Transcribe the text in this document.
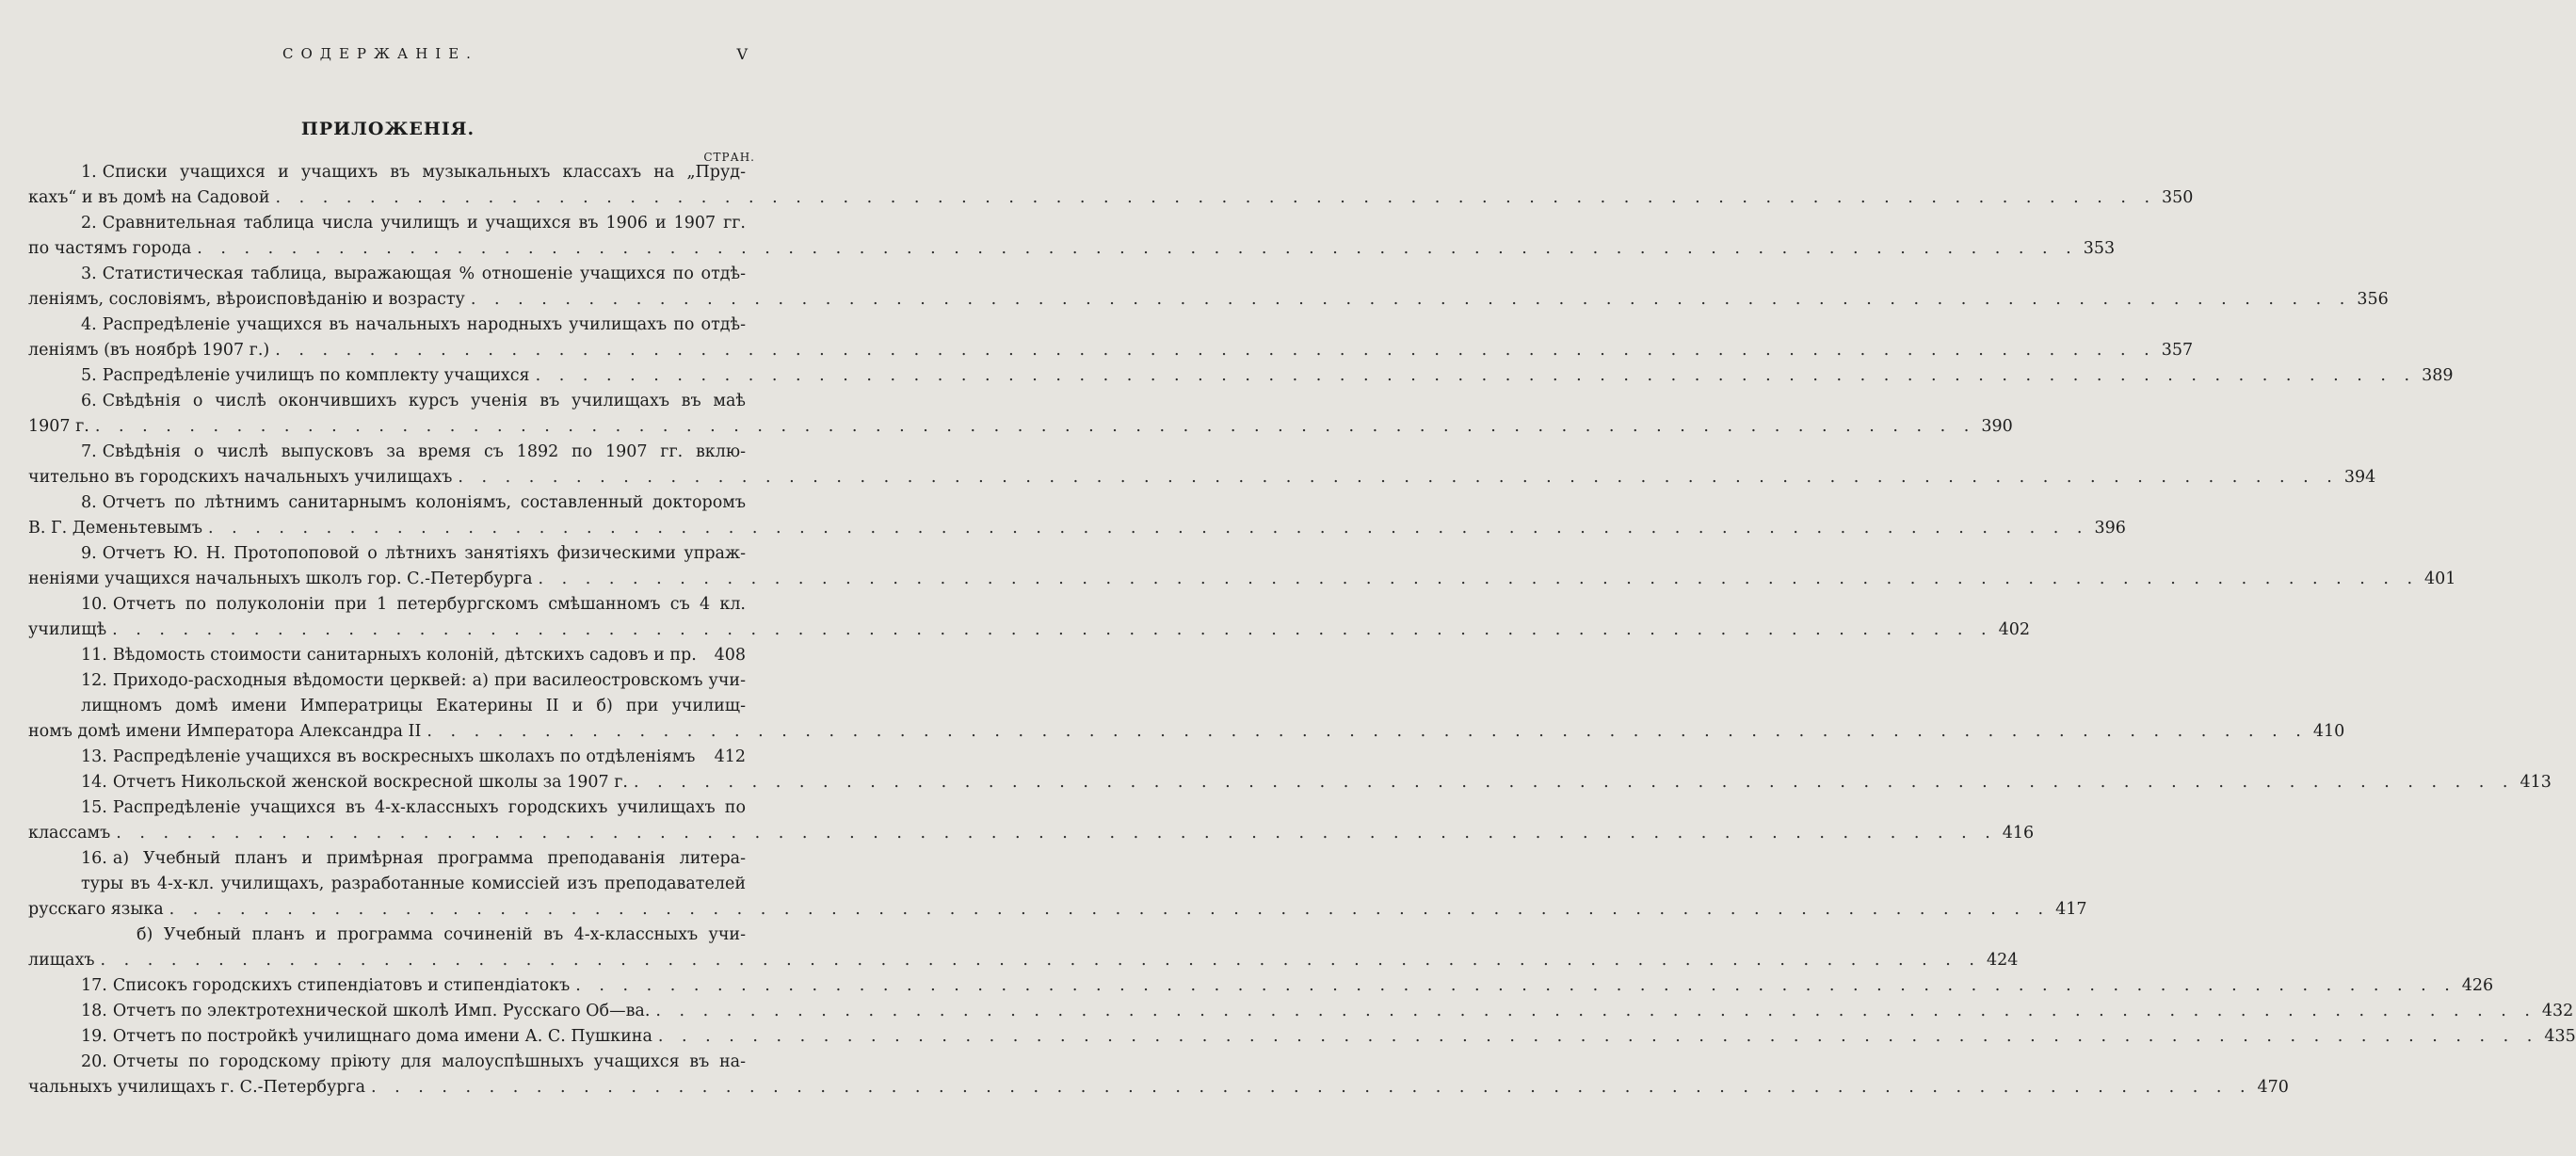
СОДЕРЖАНІЕ.	V
ПРИЛОЖЕНІЯ.
СТРАН.
1. Списки учащихся и учащихъ въ музыкальныхъ классахъ на „Пруд-
кахъ“ и въ домѣ на Садовой . . . . . . . . . . . . . . . . . . . . . . . . . . . . . . . . . . . . . . . . . . . . . . . . . . . . . . . . . . . . . . . . . . . . . . . . . . . . . . . . 350
2. Сравнительная таблица числа училищъ и учащихся въ 1906 и 1907 гг.
по частямъ города . . . . . . . . . . . . . . . . . . . . . . . . . . . . . . . . . . . . . . . . . . . . . . . . . . . . . . . . . . . . . . . . . . . . . . . . . . . . . . . . 353
3. Статистическая таблица, выражающая % отношеніе учащихся по отдѣ-
леніямъ, сословіямъ, вѣроисповѣданію и возрасту . . . . . . . . . . . . . . . . . . . . . . . . . . . . . . . . . . . . . . . . . . . . . . . . . . . . . . . . . . . . . . . . . . . . . . . . . . . . . . . . 356
4. Распредѣленіе учащихся въ начальныхъ народныхъ училищахъ по отдѣ-
леніямъ (въ ноябрѣ 1907 г.) . . . . . . . . . . . . . . . . . . . . . . . . . . . . . . . . . . . . . . . . . . . . . . . . . . . . . . . . . . . . . . . . . . . . . . . . . . . . . . . . 357
5. Распредѣленіе училищъ по комплекту учащихся . . . . . . . . . . . . . . . . . . . . . . . . . . . . . . . . . . . . . . . . . . . . . . . . . . . . . . . . . . . . . . . . . . . . . . . . . . . . . . . . 389
6. Свѣдѣнія о числѣ окончившихъ курсъ ученія въ училищахъ въ маѣ
1907 г. . . . . . . . . . . . . . . . . . . . . . . . . . . . . . . . . . . . . . . . . . . . . . . . . . . . . . . . . . . . . . . . . . . . . . . . . . . . . . . . . 390
7. Свѣдѣнія о числѣ выпусковъ за время съ 1892 по 1907 гг. вклю-
чительно въ городскихъ начальныхъ училищахъ . . . . . . . . . . . . . . . . . . . . . . . . . . . . . . . . . . . . . . . . . . . . . . . . . . . . . . . . . . . . . . . . . . . . . . . . . . . . . . . . 394
8. Отчетъ по лѣтнимъ санитарнымъ колоніямъ, составленный докторомъ
В. Г. Деменьтевымъ . . . . . . . . . . . . . . . . . . . . . . . . . . . . . . . . . . . . . . . . . . . . . . . . . . . . . . . . . . . . . . . . . . . . . . . . . . . . . . . . 396
9. Отчетъ Ю. Н. Протопоповой о лѣтнихъ занятіяхъ физическими упраж-
неніями учащихся начальныхъ школъ гор. С.-Петербурга . . . . . . . . . . . . . . . . . . . . . . . . . . . . . . . . . . . . . . . . . . . . . . . . . . . . . . . . . . . . . . . . . . . . . . . . . . . . . . . . 401
10. Отчетъ по полуколоніи при 1 петербургскомъ смѣшанномъ съ 4 кл.
училищѣ . . . . . . . . . . . . . . . . . . . . . . . . . . . . . . . . . . . . . . . . . . . . . . . . . . . . . . . . . . . . . . . . . . . . . . . . . . . . . . . . 402
11. Вѣдомость стоимости санитарныхъ колоній, дѣтскихъ садовъ и пр.	408
12. Приходо-расходныя вѣдомости церквей: а) при василеостровскомъ учи-
лищномъ домѣ имени Императрицы Екатерины II и б) при училищ-
номъ домѣ имени Императора Александра II . . . . . . . . . . . . . . . . . . . . . . . . . . . . . . . . . . . . . . . . . . . . . . . . . . . . . . . . . . . . . . . . . . . . . . . . . . . . . . . . 410
13. Распредѣленіе учащихся въ воскресныхъ школахъ по отдѣленіямъ	412
14. Отчетъ Никольской женской воскресной школы за 1907 г. . . . . . . . . . . . . . . . . . . . . . . . . . . . . . . . . . . . . . . . . . . . . . . . . . . . . . . . . . . . . . . . . . . . . . . . . . . . . . . . . 413
15. Распредѣленіе учащихся въ 4-х-классныхъ городскихъ училищахъ по
классамъ . . . . . . . . . . . . . . . . . . . . . . . . . . . . . . . . . . . . . . . . . . . . . . . . . . . . . . . . . . . . . . . . . . . . . . . . . . . . . . . . 416
16. а) Учебный планъ и примѣрная программа преподаванія литера-
туры въ 4-х-кл. училищахъ, разработанные комиссіей изъ преподавателей
русскаго языка . . . . . . . . . . . . . . . . . . . . . . . . . . . . . . . . . . . . . . . . . . . . . . . . . . . . . . . . . . . . . . . . . . . . . . . . . . . . . . . . 417
б) Учебный планъ и программа сочиненій въ 4-х-классныхъ учи-
лищахъ . . . . . . . . . . . . . . . . . . . . . . . . . . . . . . . . . . . . . . . . . . . . . . . . . . . . . . . . . . . . . . . . . . . . . . . . . . . . . . . . 424
17. Списокъ городскихъ стипендіатовъ и стипендіатокъ . . . . . . . . . . . . . . . . . . . . . . . . . . . . . . . . . . . . . . . . . . . . . . . . . . . . . . . . . . . . . . . . . . . . . . . . . . . . . . . . 426
18. Отчетъ по электротехнической школѣ Имп. Русскаго Об—ва. . . . . . . . . . . . . . . . . . . . . . . . . . . . . . . . . . . . . . . . . . . . . . . . . . . . . . . . . . . . . . . . . . . . . . . . . . . . . . . . . 432
19. Отчетъ по постройкѣ училищнаго дома имени А. С. Пушкина . . . . . . . . . . . . . . . . . . . . . . . . . . . . . . . . . . . . . . . . . . . . . . . . . . . . . . . . . . . . . . . . . . . . . . . . . . . . . . . . 435
20. Отчеты по городскому пріюту для малоуспѣшныхъ учащихся въ на-
чальныхъ училищахъ г. С.-Петербурга . . . . . . . . . . . . . . . . . . . . . . . . . . . . . . . . . . . . . . . . . . . . . . . . . . . . . . . . . . . . . . . . . . . . . . . . . . . . . . . . 470
